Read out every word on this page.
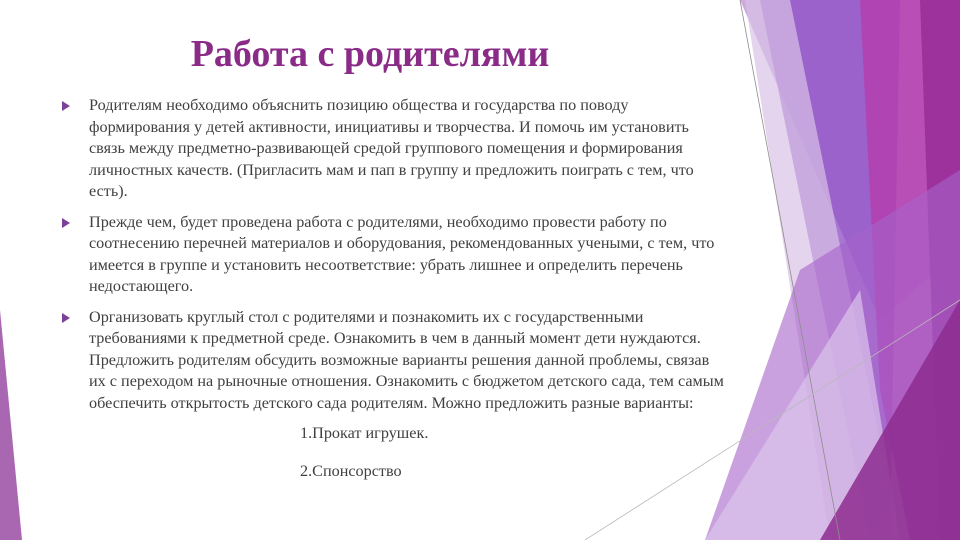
Работа с родителями
Родителям необходимо объяснить позицию общества и государства по поводу формирования у детей активности, инициативы и творчества. И помочь им установить связь между предметно-развивающей средой группового помещения и формирования личностных качеств. (Пригласить мам и пап в группу и предложить поиграть с тем, что есть).
Прежде чем, будет проведена работа с родителями, необходимо провести работу по соотнесению перечней материалов и оборудования, рекомендованных учеными, с тем, что имеется в группе и установить несоответствие: убрать лишнее и определить перечень недостающего.
Организовать круглый стол с родителями и познакомить их с государственными требованиями к предметной среде. Ознакомить в чем в данный момент дети нуждаются. Предложить родителям обсудить возможные варианты решения данной проблемы, связав их с переходом на рыночные отношения. Ознакомить с бюджетом детского сада, тем самым обеспечить открытость детского сада родителям. Можно предложить разные варианты:
1.Прокат игрушек.
2.Спонсорство
